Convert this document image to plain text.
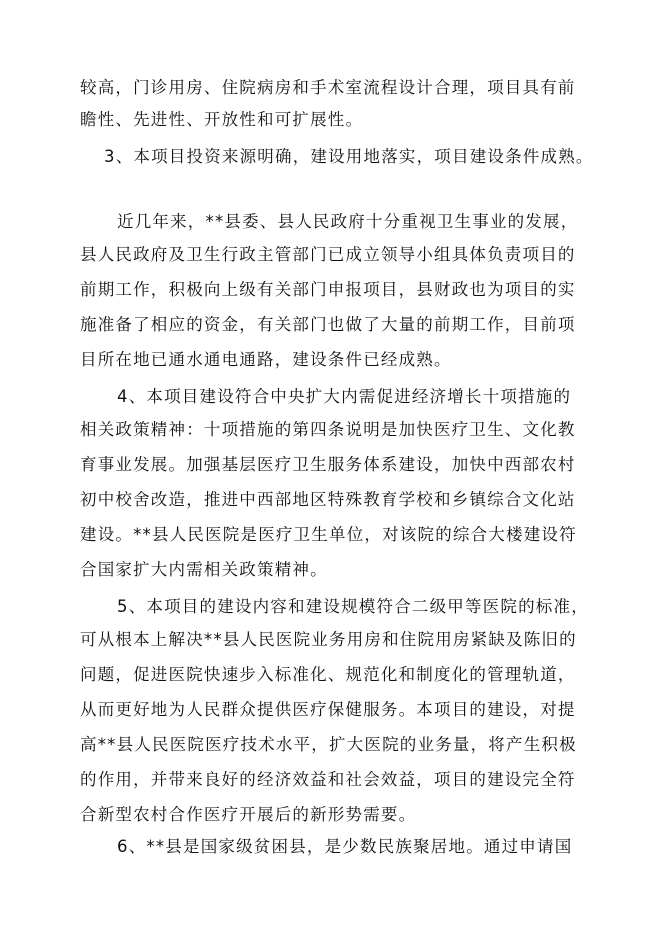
较高，门诊用房、住院病房和手术室流程设计合理，项目具有前
瞻性、先进性、开放性和可扩展性。
3、本项目投资来源明确，建设用地落实，项目建设条件成熟。
近几年来，**县委、县人民政府十分重视卫生事业的发展，
县人民政府及卫生行政主管部门已成立领导小组具体负责项目的
前期工作，积极向上级有关部门申报项目，县财政也为项目的实
施准备了相应的资金，有关部门也做了大量的前期工作，目前项
目所在地已通水通电通路，建设条件已经成熟。
4、本项目建设符合中央扩大内需促进经济增长十项措施的
相关政策精神：十项措施的第四条说明是加快医疗卫生、文化教
育事业发展。加强基层医疗卫生服务体系建设，加快中西部农村
初中校舍改造，推进中西部地区特殊教育学校和乡镇综合文化站
建设。**县人民医院是医疗卫生单位，对该院的综合大楼建设符
合国家扩大内需相关政策精神。
5、本项目的建设内容和建设规模符合二级甲等医院的标准，
可从根本上解决**县人民医院业务用房和住院用房紧缺及陈旧的
问题，促进医院快速步入标准化、规范化和制度化的管理轨道，
从而更好地为人民群众提供医疗保健服务。本项目的建设，对提
高**县人民医院医疗技术水平，扩大医院的业务量，将产生积极
的作用，并带来良好的经济效益和社会效益，项目的建设完全符
合新型农村合作医疗开展后的新形势需要。
6、**县是国家级贫困县，是少数民族聚居地。通过申请国
